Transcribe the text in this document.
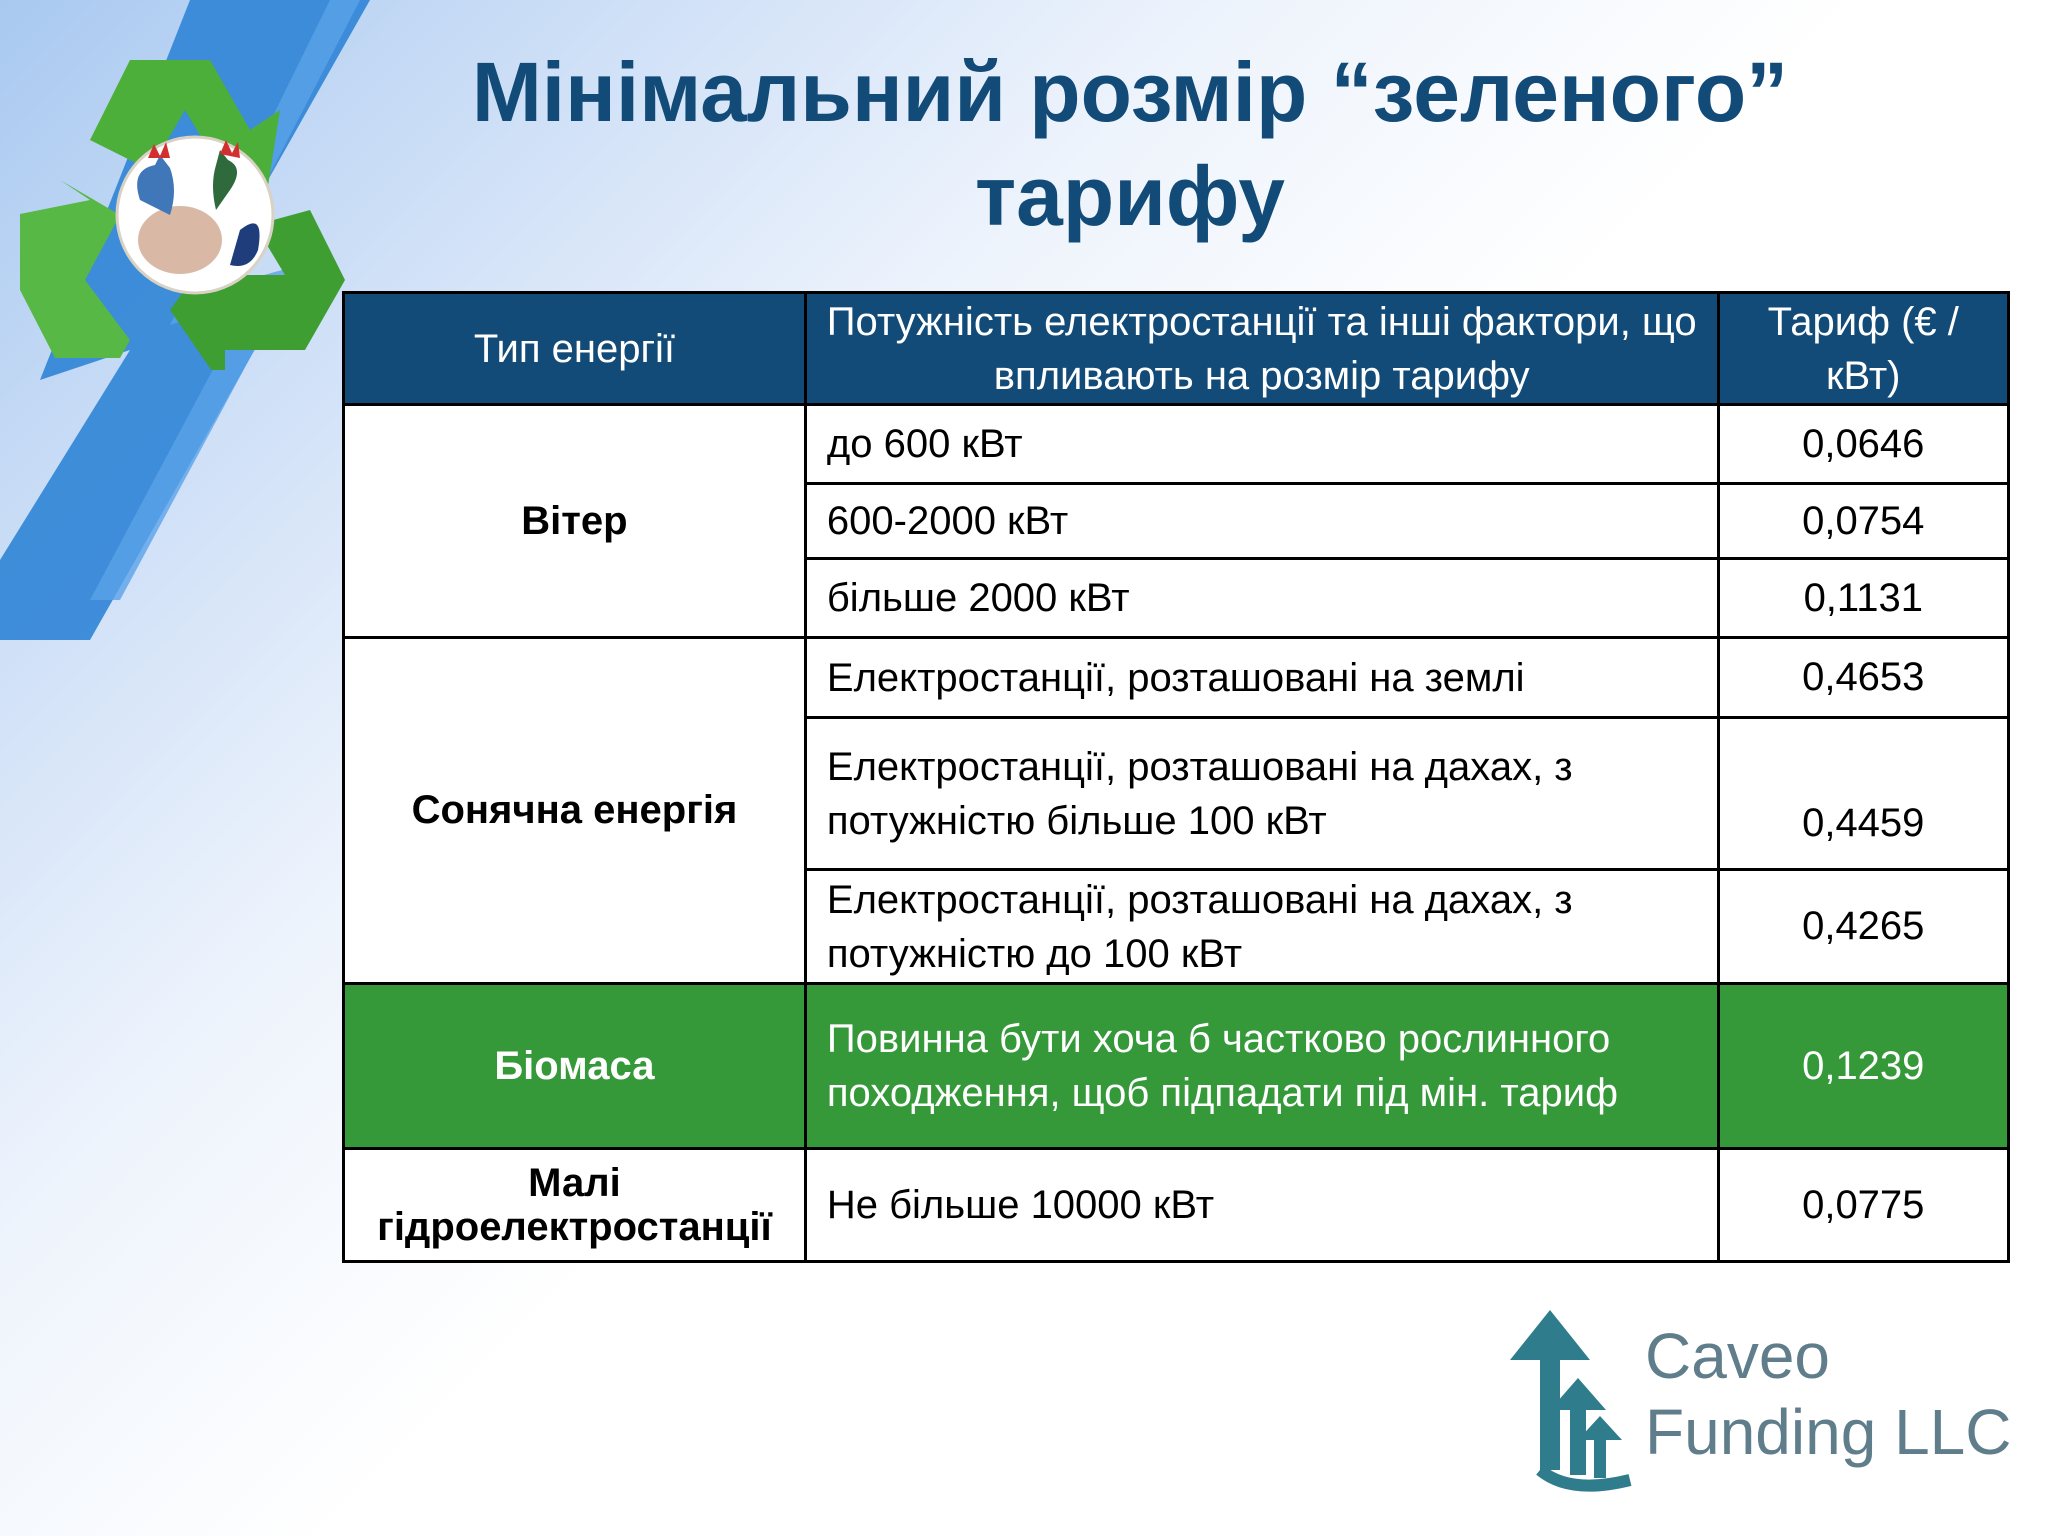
Мінімальний розмір “зеленого”
тарифу
Тип енергії	Потужність електростанції та інші фактори, що впливають на розмір тарифу	Тариф (€ / кВт)
Вітер	до 600 кВт	0,0646
	600-2000 кВт	0,0754
	більше 2000 кВт	0,1131
Сонячна енергія	Електростанції, розташовані на землі	0,4653
	Електростанції, розташовані на дахах, з потужністю більше 100 кВт	0,4459
	Електростанції, розташовані на дахах, з потужністю до 100 кВт	0,4265
Біомаса	Повинна бути хоча б частково рослинного походження, щоб підпадати під мін. тариф	0,1239
Малі гідроелектростанції	Не більше 10000 кВт	0,0775
Caveo
Funding LLC
